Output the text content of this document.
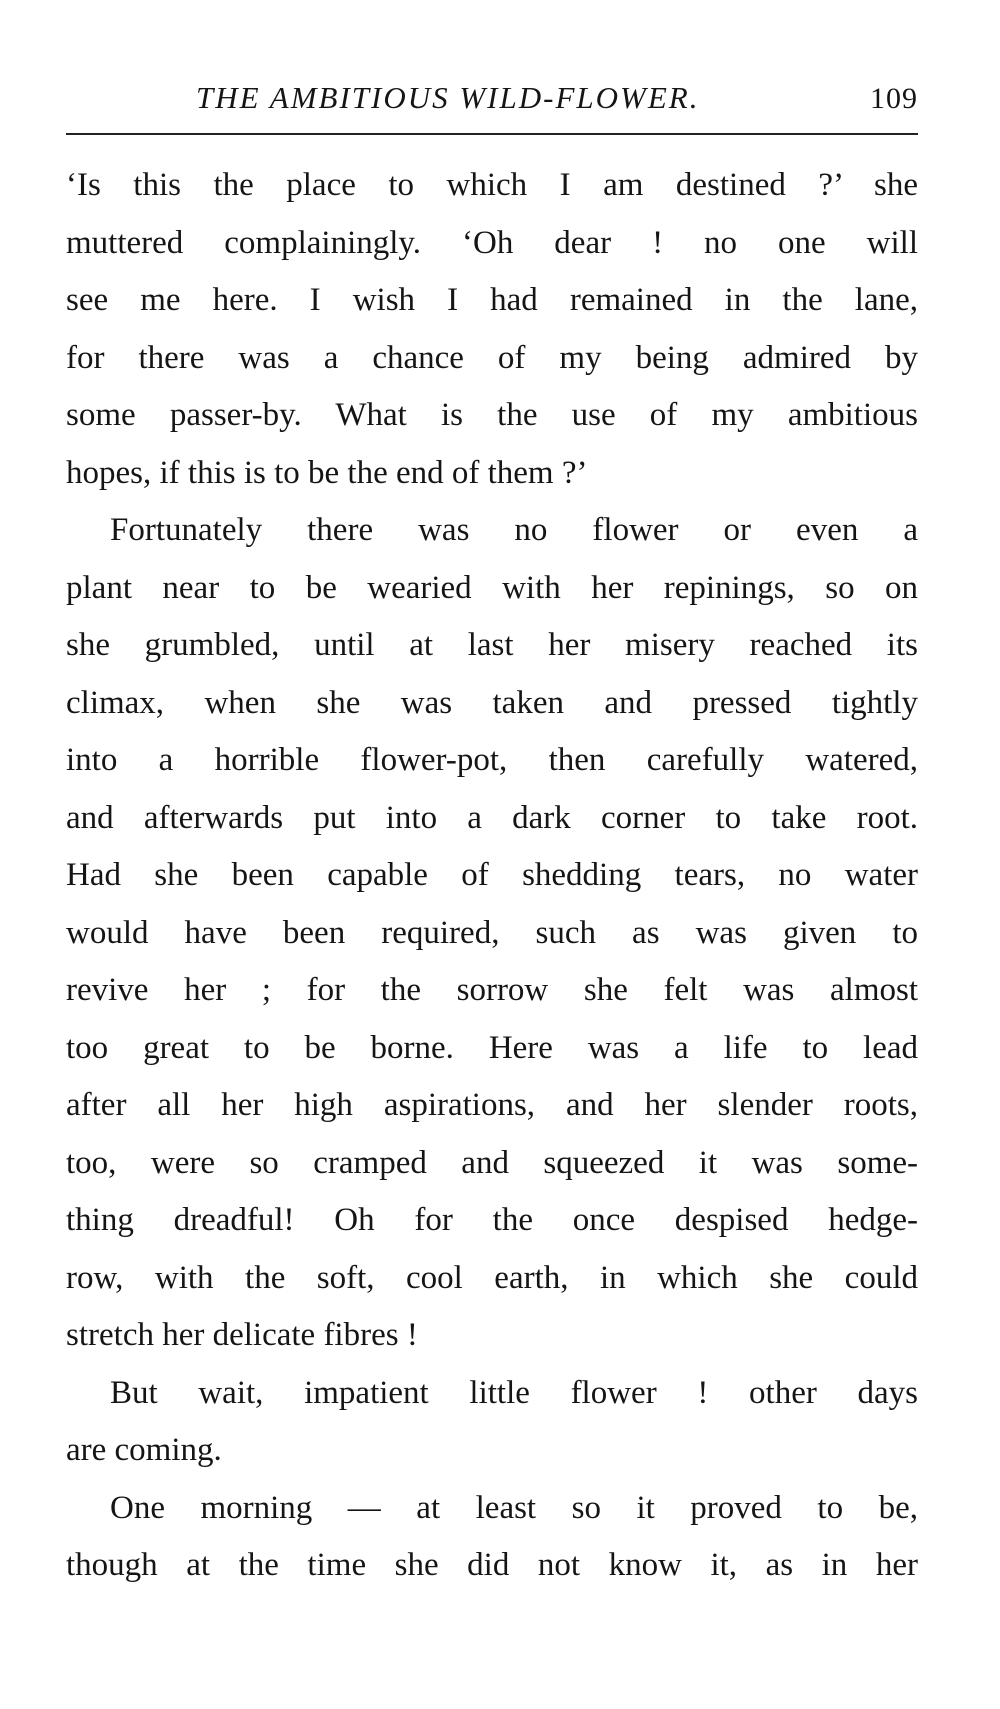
THE AMBITIOUS WILD-FLOWER.	109
‘Is this the place to which I am destined ?’ she
muttered complainingly. ‘Oh dear ! no one will
see me here. I wish I had remained in the lane,
for there was a chance of my being admired by
some passer-by. What is the use of my ambitious
hopes, if this is to be the end of them ?’
Fortunately there was no flower or even a
plant near to be wearied with her repinings, so on
she grumbled, until at last her misery reached its
climax, when she was taken and pressed tightly
into a horrible flower-pot, then carefully watered,
and afterwards put into a dark corner to take root.
Had she been capable of shedding tears, no water
would have been required, such as was given to
revive her ; for the sorrow she felt was almost
too great to be borne. Here was a life to lead
after all her high aspirations, and her slender roots,
too, were so cramped and squeezed it was some-
thing dreadful! Oh for the once despised hedge-
row, with the soft, cool earth, in which she could
stretch her delicate fibres !
But wait, impatient little flower ! other days
are coming.
One morning — at least so it proved to be,
though at the time she did not know it, as in her
